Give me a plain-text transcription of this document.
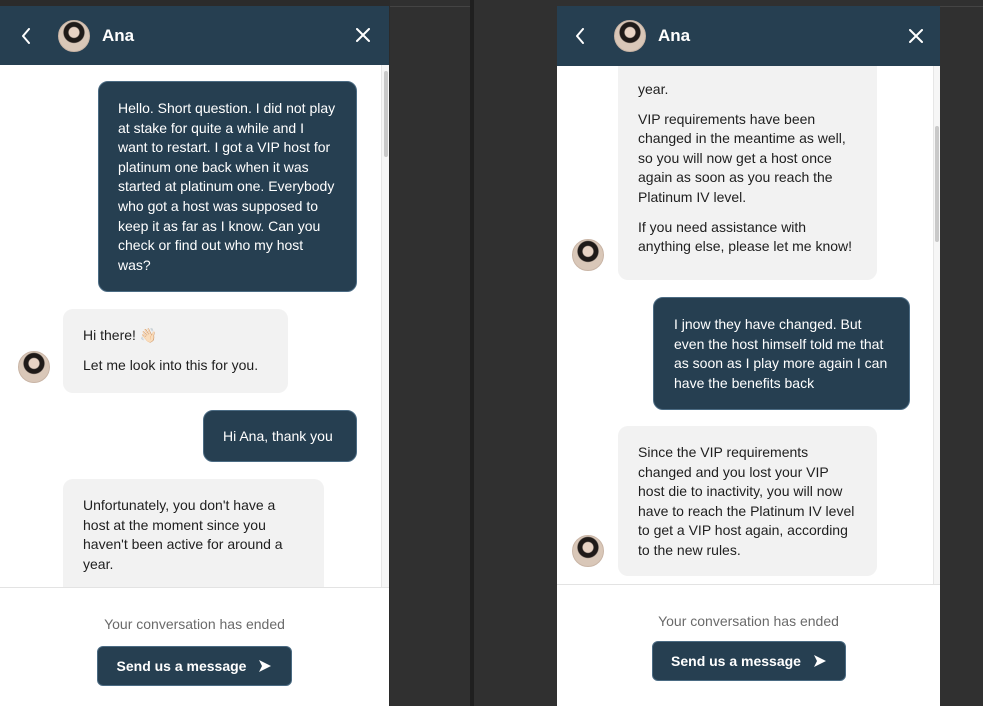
Ana

Hello. Short question. I did not play at stake for quite a while and I want to restart. I got a VIP host for platinum one back when it was started at platinum one. Everybody who got a host was supposed to keep it as far as I know. Can you check or find out who my host was?

Hi there! 👋🏻

Let me look into this for you.

Hi Ana, thank you

Unfortunately, you don't have a host at the moment since you haven't been active for around a year.

Your conversation has ended
Send us a message
Ana

year.

VIP requirements have been changed in the meantime as well, so you will now get a host once again as soon as you reach the Platinum IV level.

If you need assistance with anything else, please let me know!

I jnow they have changed. But even the host himself told me that as soon as I play more again I can have the benefits back

Since the VIP requirements changed and you lost your VIP host die to inactivity, you will now have to reach the Platinum IV level to get a VIP host again, according to the new rules.

Your conversation has ended
Send us a message
